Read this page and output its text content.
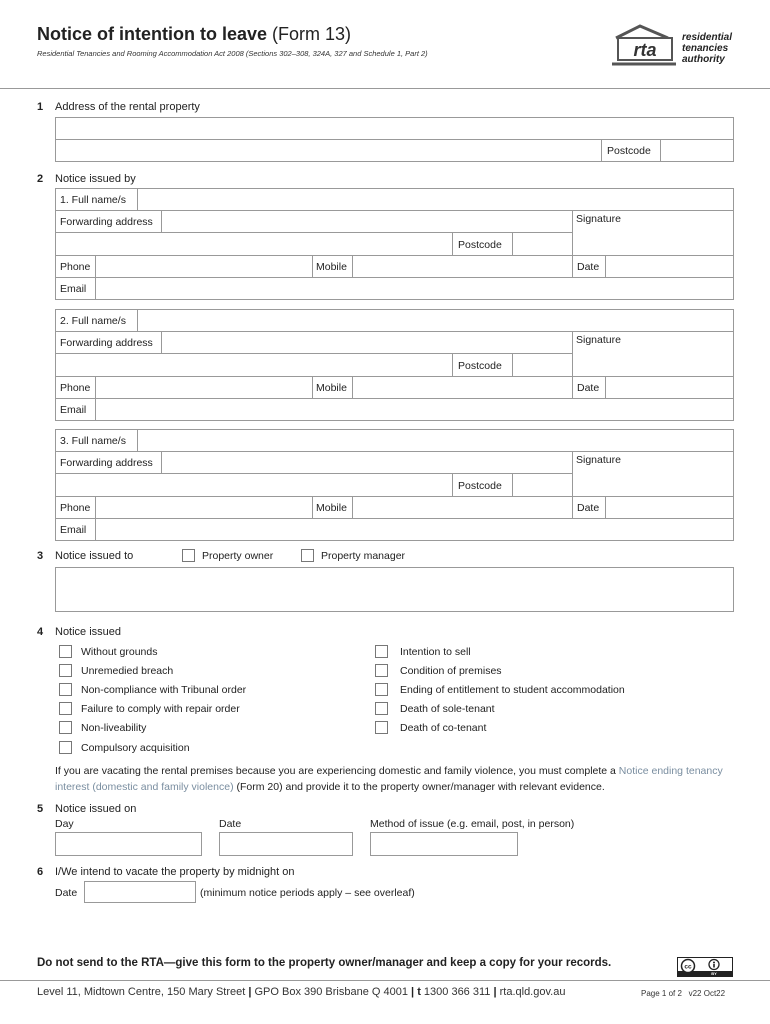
Notice of intention to leave (Form 13)
Residential Tenancies and Rooming Accommodation Act 2008 (Sections 302–308, 324A, 327 and Schedule 1, Part 2)	rta
residential
tenancies
authority
1 Address of the rental property
Postcode
2 Notice issued by
1. Full name/s
Forwarding address	Signature
Postcode
Phone	Mobile	Date
Email
2. Full name/s
Forwarding address	Signature
Postcode
Phone	Mobile	Date
Email
3. Full name/s
Forwarding address	Signature
Postcode
Phone	Mobile	Date
Email
3 Notice issued to	Property owner	Property manager
4 Notice issued
Without grounds
Unremedied breach
Non-compliance with Tribunal order
Failure to comply with repair order
Non-liveability
Compulsory acquisition
Intention to sell
Condition of premises
Ending of entitlement to student accommodation
Death of sole-tenant
Death of co-tenant
If you are vacating the rental premises because you are experiencing domestic and family violence, you must complete a Notice ending tenancy interest (domestic and family violence) (Form 20) and provide it to the property owner/manager with relevant evidence.
5 Notice issued on
Day	Date	Method of issue (e.g. email, post, in person)
6 I/We intend to vacate the property by midnight on
Date	(minimum notice periods apply – see overleaf)
Do not send to the RTA—give this form to the property owner/manager and keep a copy for your records.	cc
BY
Level 11, Midtown Centre, 150 Mary Street | GPO Box 390 Brisbane Q 4001 | t 1300 366 311 | rta.qld.gov.au	Page 1 of 2 v22 Oct22
